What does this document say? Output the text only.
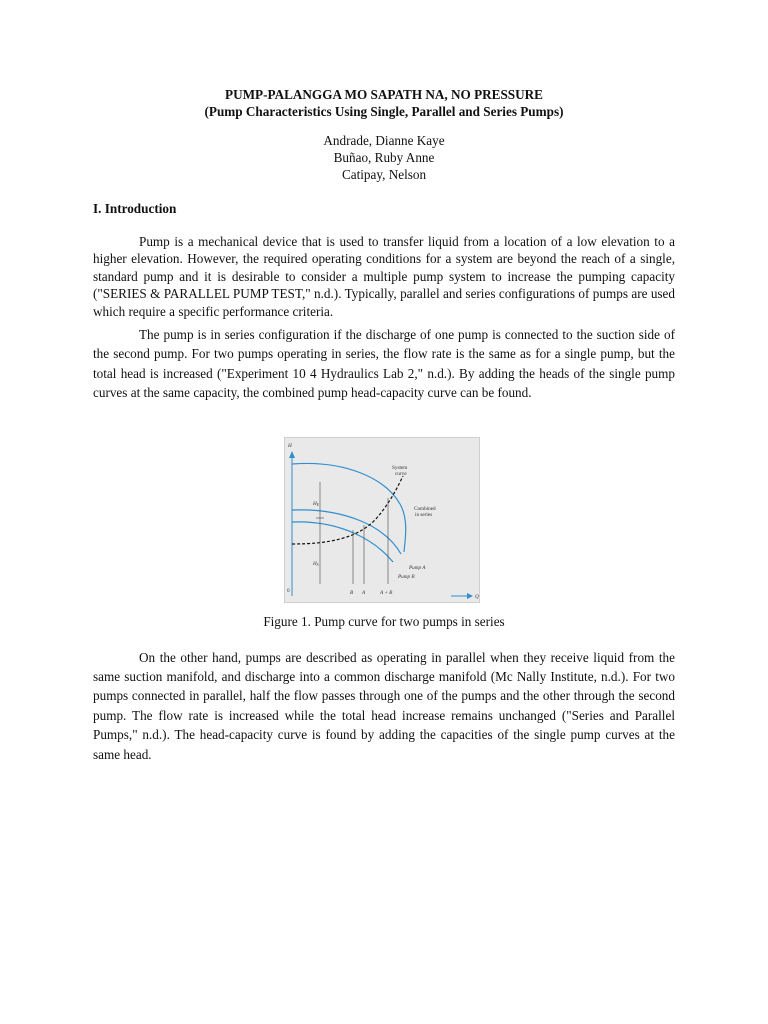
PUMP-PALANGGA MO SAPATH NA, NO PRESSURE
(Pump Characteristics Using Single, Parallel and Series Pumps)
Andrade, Dianne Kaye
Buñao, Ruby Anne
Catipay, Nelson
I. Introduction

Pump is a mechanical device that is used to transfer liquid from a location of a low elevation to a higher elevation. However, the required operating conditions for a system are beyond the reach of a single, standard pump and it is desirable to consider a multiple pump system to increase the pumping capacity ("SERIES & PARALLEL PUMP TEST," n.d.). Typically, parallel and series configurations of pumps are used which require a specific performance criteria.

The pump is in series configuration if the discharge of one pump is connected to the suction side of the second pump. For two pumps operating in series, the flow rate is the same as for a single pump, but the total head is increased ("Experiment 10 4 Hydraulics Lab 2," n.d.). By adding the heads of the single pump curves at the same capacity, the combined pump head-capacity curve can be found.

H
Q
0
HE
HS
System
curve
Combined
in series
Pump A
Pump B
B A	A + B
Figure 1. Pump curve for two pumps in series

On the other hand, pumps are described as operating in parallel when they receive liquid from the same suction manifold, and discharge into a common discharge manifold (Mc Nally Institute, n.d.). For two pumps connected in parallel, half the flow passes through one of the pumps and the other through the second pump. The flow rate is increased while the total head increase remains unchanged ("Series and Parallel Pumps," n.d.). The head-capacity curve is found by adding the capacities of the single pump curves at the same head.
